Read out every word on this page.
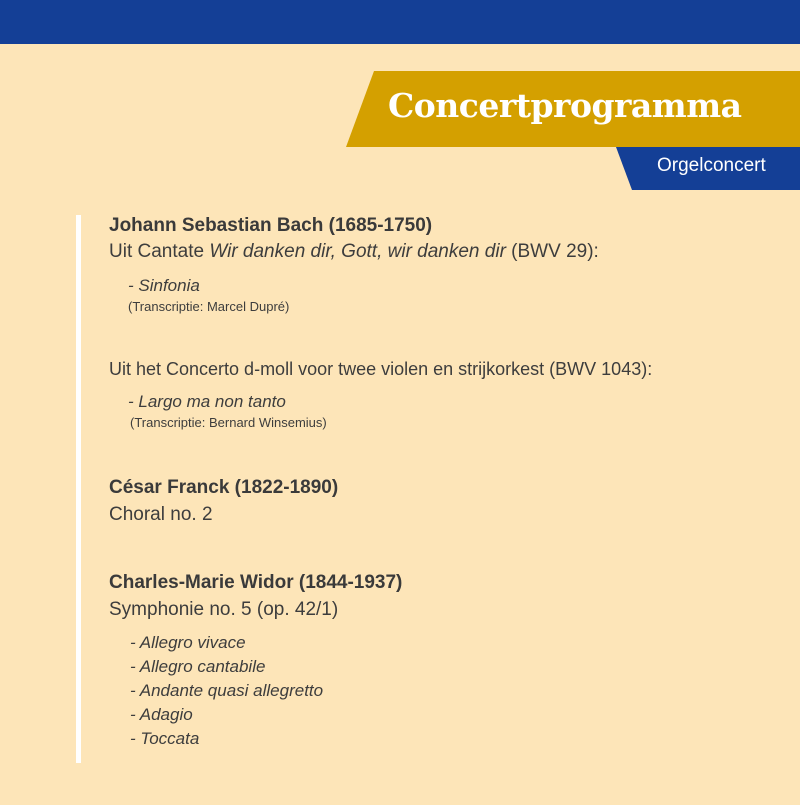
Concertprogramma
Orgelconcert
Johann Sebastian Bach (1685-1750)
Uit Cantate Wir danken dir, Gott, wir danken dir (BWV 29):
- Sinfonia
(Transcriptie: Marcel Dupré)
Uit het Concerto d-moll voor twee violen en strijkorkest (BWV 1043):
- Largo ma non tanto
(Transcriptie: Bernard Winsemius)
César Franck (1822-1890)
Choral no. 2
Charles-Marie Widor (1844-1937)
Symphonie no. 5 (op. 42/1)
- Allegro vivace
- Allegro cantabile
- Andante quasi allegretto
- Adagio
- Toccata
